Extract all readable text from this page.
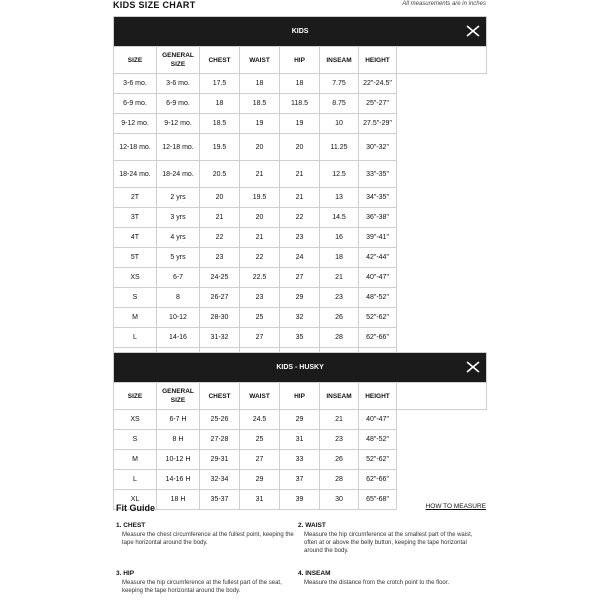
KIDS SIZE CHART	All measurements are in inches
KIDS							

SIZE	GENERAL SIZE	CHEST	WAIST	HIP	INSEAM	HEIGHT	
3-6 mo.	3-6 mo.	17.5	18	18	7.75	22"-24.5"	
6-9 mo.	6-9 mo.	18	18.5	118.5	8.75	25"-27"	
9-12 mo.	9-12 mo.	18.5	19	19	10	27.5"-29"	
12-18 mo.	12-18 mo.	19.5	20	20	11.25	30"-32"	
18-24 mo.	18-24 mo.	20.5	21	21	12.5	33"-35"	
2T	2 yrs	20	19.5	21	13	34"-35"	
3T	3 yrs	21	20	22	14.5	36"-38"	
4T	4 yrs	22	21	23	16	39"-41"	
5T	5 yrs	23	22	24	18	42"-44"	
XS	6-7	24-25	22.5	27	21	40"-47"	
S	8	26-27	23	29	23	48"-52"	
M	10-12	28-30	25	32	26	52"-62"	
L	14-16	31-32	27	35	28	62"-66"	

KIDS - HUSKY							

SIZE	GENERAL SIZE	CHEST	WAIST	HIP	INSEAM	HEIGHT	
XS	6-7 H	25-26	24.5	29	21	40"-47"	
S	8 H	27-28	25	31	23	48"-52"	
M	10-12 H	29-31	27	33	26	52"-62"	
L	14-16 H	32-34	29	37	28	62"-66"	
XL	18 H	35-37	31	39	30	65"-68"	
Fit Guide	HOW TO MEASURE
1. CHEST
Measure the chest circumference at the fullest point, keeping the tape horizontal around the body.
2. WAIST
Measure the hip circumference at the smallest part of the waist, often at or above the belly button, keeping the tape horizontal around the body.
3. HIP
Measure the hip circumference at the fullest part of the seat, keeping the tape horizontal around the body.
4. INSEAM
Measure the distance from the crotch point to the floor.
